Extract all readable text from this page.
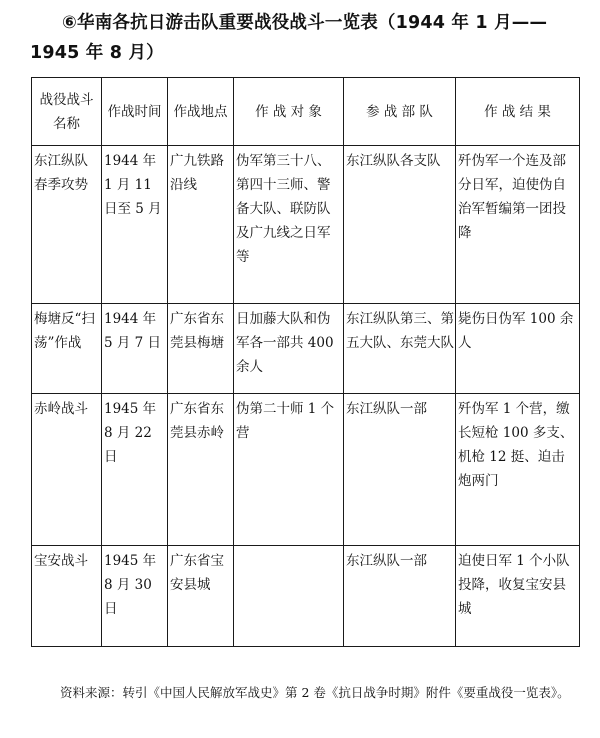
⑥华南各抗日游击队重要战役战斗一览表（1944 年 1 月——
1945 年 8 月）
战役战斗名称	作战时间	作战地点	作 战 对 象	参 战 部 队	作 战 结 果
东江纵队春季攻势	1944 年 1 月 11 日至 5 月	广九铁路沿线	伪军第三十八、第四十三师、警备大队、联防队及广九线之日军等	东江纵队各支队	歼伪军一个连及部分日军，迫使伪自治军暂编第一团投降
梅塘反“扫荡”作战	1944 年 5 月 7 日	广东省东莞县梅塘	日加藤大队和伪军各一部共 400 余人	东江纵队第三、第五大队、东莞大队	毙伤日伪军 100 余人
赤岭战斗	1945 年 8 月 22 日	广东省东莞县赤岭	伪第二十师 1 个营	东江纵队一部	歼伪军 1 个营，缴长短枪 100 多支、机枪 12 挺、迫击炮两门
宝安战斗	1945 年 8 月 30 日	广东省宝安县城		东江纵队一部	迫使日军 1 个小队投降，收复宝安县城
资料来源：转引《中国人民解放军战史》第 2 卷《抗日战争时期》附件《要重战役一览表》。
